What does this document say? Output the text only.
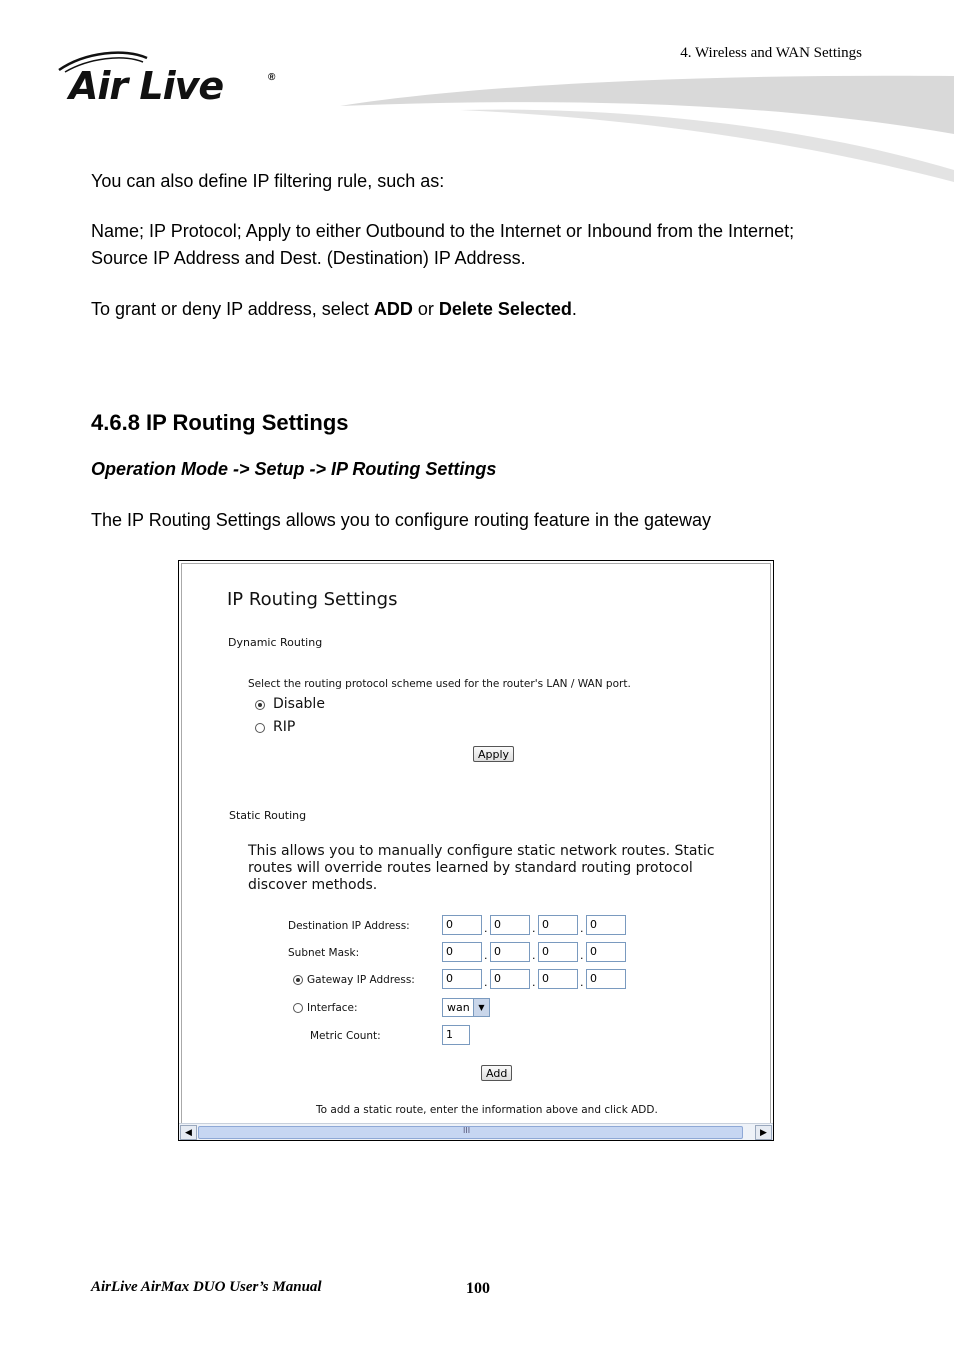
4. Wireless and WAN Settings
Air Live	®
You can also define IP filtering rule, such as:
Name; IP Protocol; Apply to either Outbound to the Internet or Inbound from the Internet;
Source IP Address and Dest. (Destination) IP Address.
To grant or deny IP address, select ADD or Delete Selected.
4.6.8 IP Routing Settings
Operation Mode -> Setup -> IP Routing Settings
The IP Routing Settings allows you to configure routing feature in the gateway
IP Routing Settings
Dynamic Routing
Select the routing protocol scheme used for the router's LAN / WAN port.
Disable
RIP
Apply
Static Routing
This allows you to manually configure static network routes. Static routes will override routes learned by standard routing protocol discover methods.
Destination IP Address:	0	. 0	. 0	. 0
Subnet Mask:	0	. 0	. 0	. 0
Gateway IP Address:	0	. 0	. 0	. 0
Interface:	wan	▼
Metric Count:	1
Add
To add a static route, enter the information above and click ADD.
◀	III	▶
AirLive AirMax DUO User’s Manual	100
